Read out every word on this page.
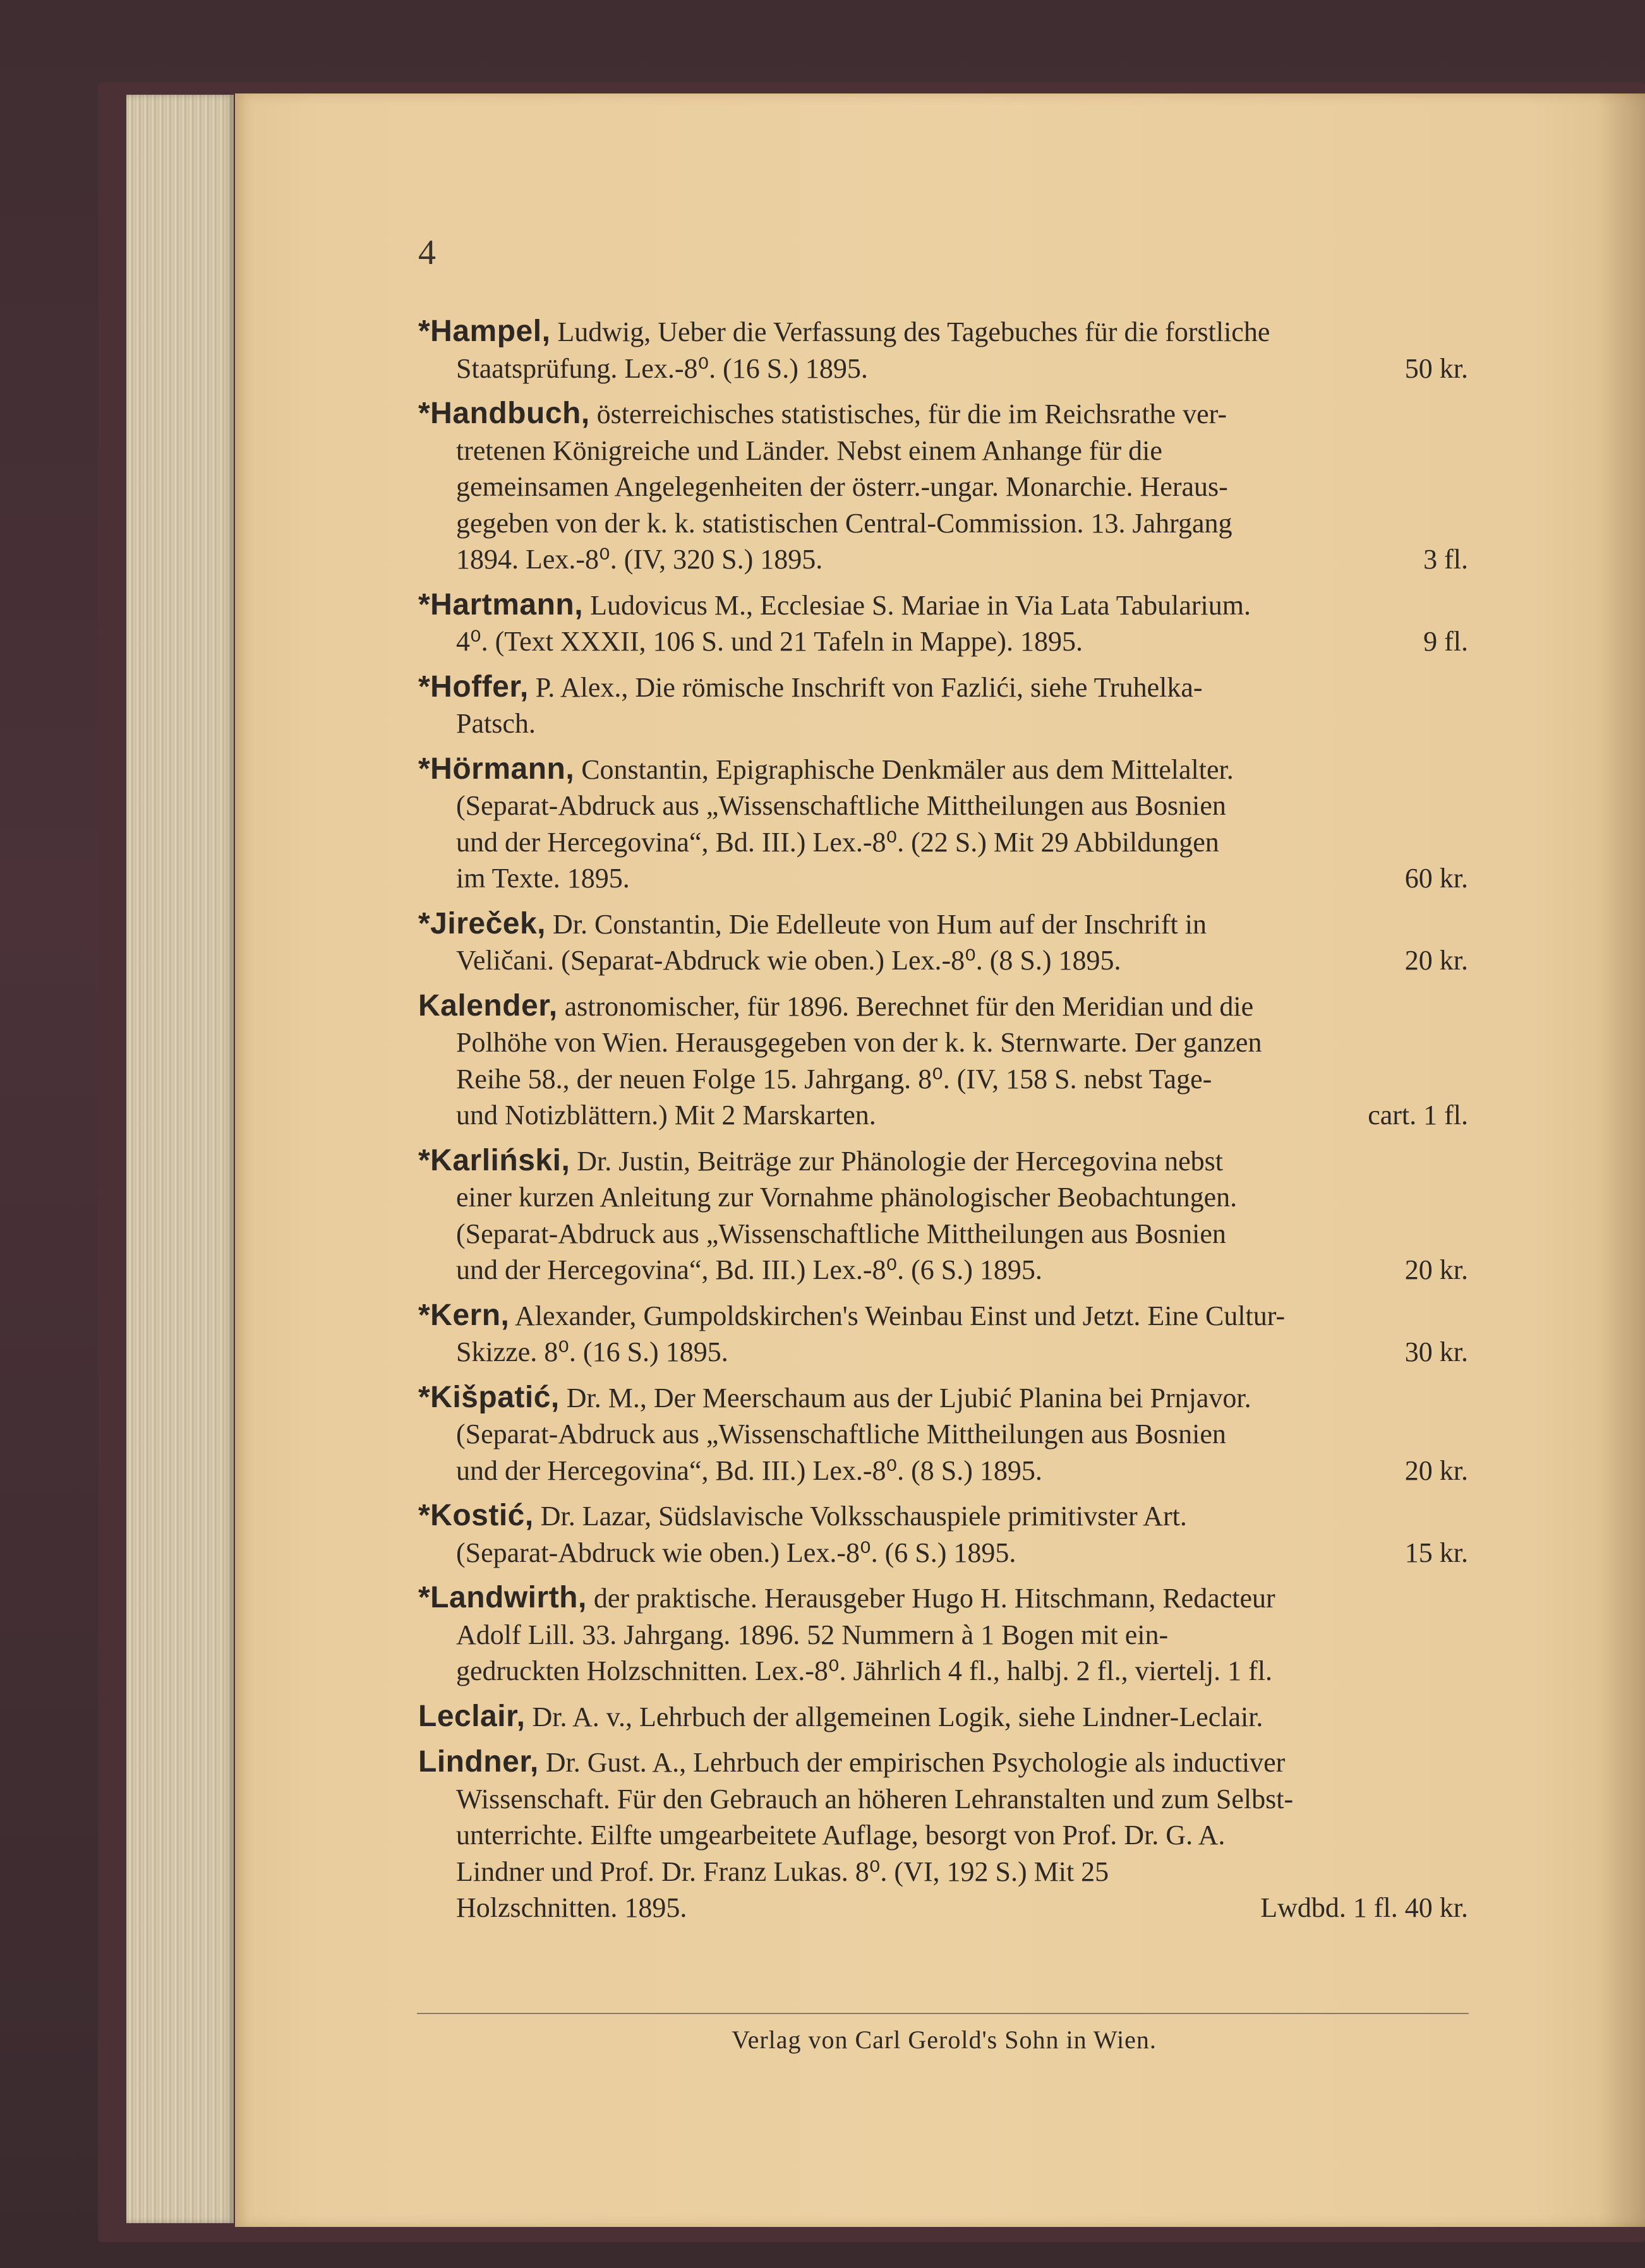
4
*Hampel, Ludwig, Ueber die Verfassung des Tagebuches für die forstliche
Staatsprüfung. Lex.-8⁰. (16 S.) 1895.	50 kr.
*Handbuch, österreichisches statistisches, für die im Reichsrathe ver-
tretenen Königreiche und Länder. Nebst einem Anhange für die
gemeinsamen Angelegenheiten der österr.-ungar. Monarchie. Heraus-
gegeben von der k. k. statistischen Central-Commission. 13. Jahrgang
1894. Lex.-8⁰. (IV, 320 S.) 1895.	3 fl.
*Hartmann, Ludovicus M., Ecclesiae S. Mariae in Via Lata Tabularium.
4⁰. (Text XXXII, 106 S. und 21 Tafeln in Mappe). 1895.	9 fl.
*Hoffer, P. Alex., Die römische Inschrift von Fazlići, siehe Truhelka-
Patsch.
*Hörmann, Constantin, Epigraphische Denkmäler aus dem Mittelalter.
(Separat-Abdruck aus „Wissenschaftliche Mittheilungen aus Bosnien
und der Hercegovina“, Bd. III.) Lex.-8⁰. (22 S.) Mit 29 Abbildungen
im Texte. 1895.	60 kr.
*Jireček, Dr. Constantin, Die Edelleute von Hum auf der Inschrift in
Veličani. (Separat-Abdruck wie oben.) Lex.-8⁰. (8 S.) 1895.	20 kr.
Kalender, astronomischer, für 1896. Berechnet für den Meridian und die
Polhöhe von Wien. Herausgegeben von der k. k. Sternwarte. Der ganzen
Reihe 58., der neuen Folge 15. Jahrgang. 8⁰. (IV, 158 S. nebst Tage-
und Notizblättern.) Mit 2 Marskarten.	cart. 1 fl.
*Karliński, Dr. Justin, Beiträge zur Phänologie der Hercegovina nebst
einer kurzen Anleitung zur Vornahme phänologischer Beobachtungen.
(Separat-Abdruck aus „Wissenschaftliche Mittheilungen aus Bosnien
und der Hercegovina“, Bd. III.) Lex.-8⁰. (6 S.) 1895.	20 kr.
*Kern, Alexander, Gumpoldskirchen's Weinbau Einst und Jetzt. Eine Cultur-
Skizze. 8⁰. (16 S.) 1895.	30 kr.
*Kišpatić, Dr. M., Der Meerschaum aus der Ljubić Planina bei Prnjavor.
(Separat-Abdruck aus „Wissenschaftliche Mittheilungen aus Bosnien
und der Hercegovina“, Bd. III.) Lex.-8⁰. (8 S.) 1895.	20 kr.
*Kostić, Dr. Lazar, Südslavische Volksschauspiele primitivster Art.
(Separat-Abdruck wie oben.) Lex.-8⁰. (6 S.) 1895.	15 kr.
*Landwirth, der praktische. Herausgeber Hugo H. Hitschmann, Redacteur
Adolf Lill. 33. Jahrgang. 1896. 52 Nummern à 1 Bogen mit ein-
gedruckten Holzschnitten. Lex.-8⁰. Jährlich 4 fl., halbj. 2 fl., viertelj. 1 fl.
Leclair, Dr. A. v., Lehrbuch der allgemeinen Logik, siehe Lindner-Leclair.
Lindner, Dr. Gust. A., Lehrbuch der empirischen Psychologie als inductiver
Wissenschaft. Für den Gebrauch an höheren Lehranstalten und zum Selbst-
unterrichte. Eilfte umgearbeitete Auflage, besorgt von Prof. Dr. G. A.
Lindner und Prof. Dr. Franz Lukas. 8⁰. (VI, 192 S.) Mit 25
Holzschnitten. 1895.	Lwdbd. 1 fl. 40 kr.
Verlag von Carl Gerold's Sohn in Wien.
